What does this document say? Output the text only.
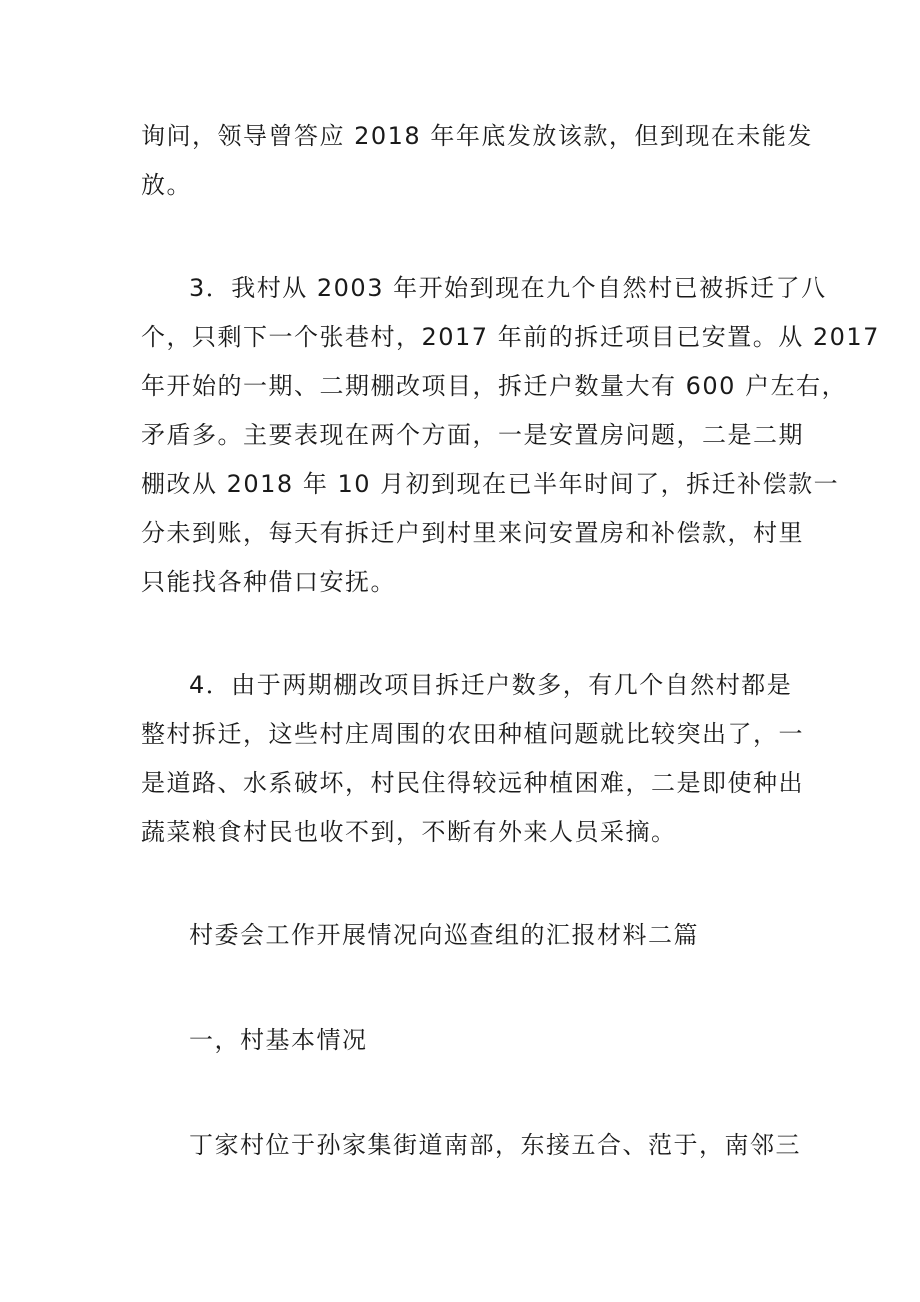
询问，领导曾答应 2018 年年底发放该款，但到现在未能发
放。
3．我村从 2003 年开始到现在九个自然村已被拆迁了八
个，只剩下一个张巷村，2017 年前的拆迁项目已安置。从 2017
年开始的一期、二期棚改项目，拆迁户数量大有 600 户左右，
矛盾多。主要表现在两个方面，一是安置房问题，二是二期
棚改从 2018 年 10 月初到现在已半年时间了，拆迁补偿款一
分未到账，每天有拆迁户到村里来问安置房和补偿款，村里
只能找各种借口安抚。
4．由于两期棚改项目拆迁户数多，有几个自然村都是
整村拆迁，这些村庄周围的农田种植问题就比较突出了，一
是道路、水系破坏，村民住得较远种植困难，二是即使种出
蔬菜粮食村民也收不到，不断有外来人员采摘。
村委会工作开展情况向巡查组的汇报材料二篇
一，村基本情况
丁家村位于孙家集街道南部，东接五合、范于，南邻三
